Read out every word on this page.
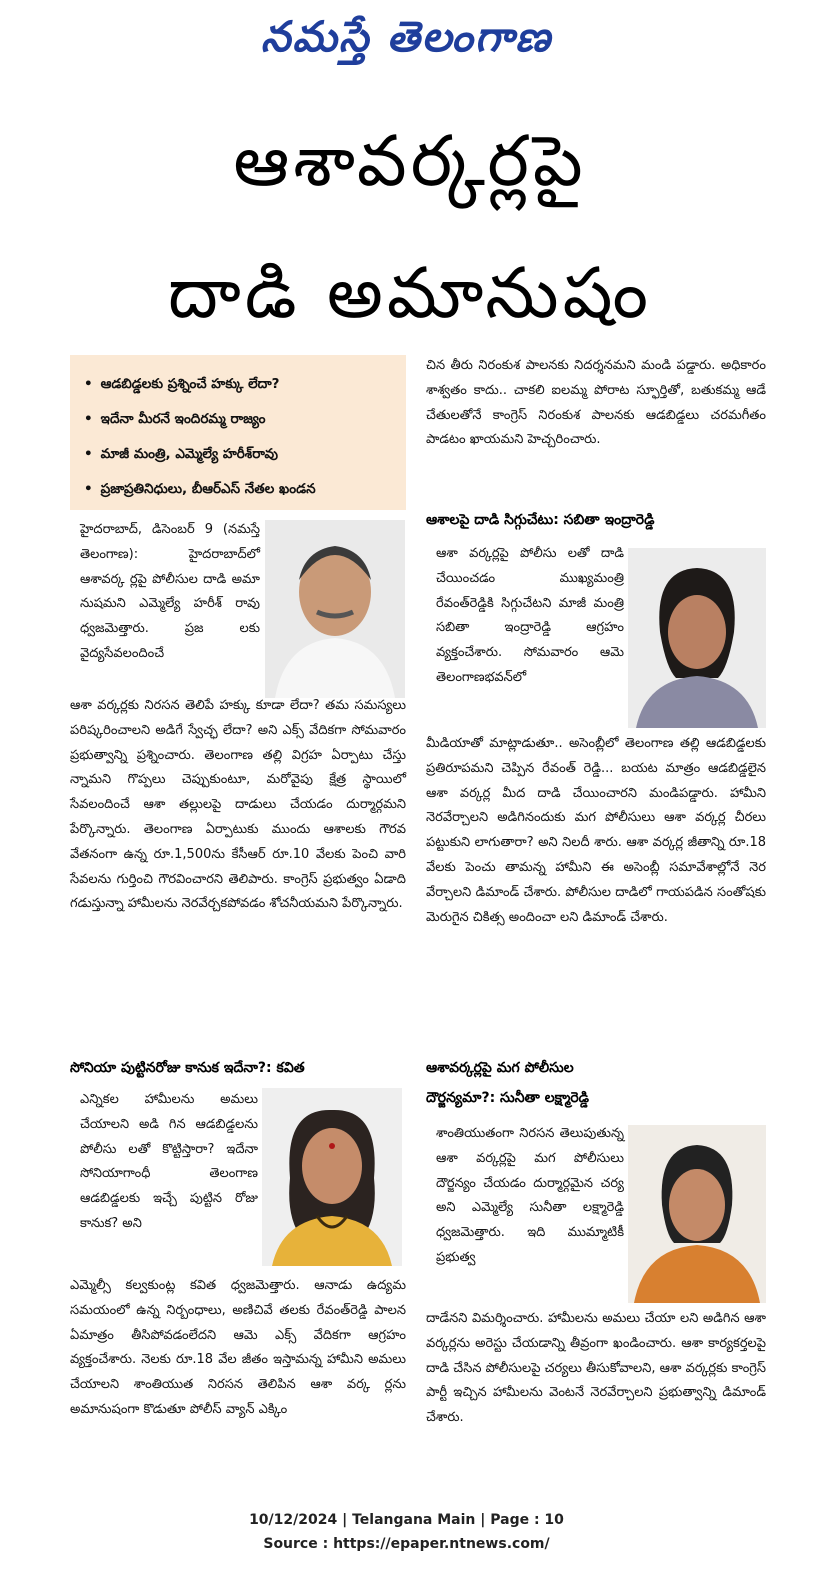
నమస్తే తెలంగాణ
ఆశావర్కర్లపై
దాడి అమానుషం
• ఆడబిడ్డలకు ప్రశ్నించే హక్కు లేదా?
• ఇదేనా మీరనే ఇందిరమ్మ రాజ్యం
• మాజీ మంత్రి, ఎమ్మెల్యే హరీశ్‌రావు
• ప్రజాప్రతినిధులు, బీఆర్‌ఎస్ నేతల ఖండన

హైదరాబాద్, డిసెంబర్ 9 (నమస్తే తెలంగాణ): హైదరాబాద్‌లో ఆశావర్క ర్లపై పోలీసుల దాడి అమా నుషమని ఎమ్మెల్యే హరీశ్ రావు ధ్వజమెత్తారు. ప్రజ లకు వైద్యసేవలందించే

ఆశా వర్కర్లకు నిరసన తెలిపే హక్కు కూడా లేదా? తమ సమస్యలు పరిష్కరించాలని అడిగే స్వేచ్ఛ లేదా? అని ఎక్స్ వేదికగా సోమవారం ప్రభుత్వాన్ని ప్రశ్నించారు. తెలంగాణ తల్లి విగ్రహ ఏర్పాటు చేస్తు న్నామని గొప్పలు చెప్పుకుంటూ, మరోవైపు క్షేత్ర స్థాయిలో సేవలందించే ఆశా తల్లులపై దాడులు చేయడం దుర్మార్గమని పేర్కొన్నారు. తెలంగాణ ఏర్పాటుకు ముందు ఆశాలకు గౌరవ వేతనంగా ఉన్న రూ.1,500ను కేసీఆర్ రూ.10 వేలకు పెంచి వారి సేవలను గుర్తించి గౌరవించారని తెలిపారు. కాంగ్రెస్ ప్రభుత్వం ఏడాది గడుస్తున్నా హామీలను నెరవేర్చకపోవడం శోచనీయమని పేర్కొన్నారు.

సోనియా పుట్టినరోజు కానుక ఇదేనా?: కవిత

ఎన్నికల హామీలను అమలు చేయాలని అడి గిన ఆడబిడ్డలను పోలీసు లతో కొట్టిస్తారా? ఇదేనా సోనియాగాంధీ తెలంగాణ ఆడబిడ్డలకు ఇచ్చే పుట్టిన రోజు కానుక? అని

ఎమ్మెల్సీ కల్వకుంట్ల కవిత ధ్వజమెత్తారు. ఆనాడు ఉద్యమ సమయంలో ఉన్న నిర్బంధాలు, అణిచివే తలకు రేవంత్‌రెడ్డి పాలన ఏమాత్రం తీసిపోవడంలేదని ఆమె ఎక్స్ వేదికగా ఆగ్రహం వ్యక్తంచేశారు. నెలకు రూ.18 వేల జీతం ఇస్తామన్న హామీని అమలు చేయాలని శాంతియుత నిరసన తెలిపిన ఆశా వర్క ర్లను అమానుషంగా కొడుతూ పోలీస్ వ్యాన్ ఎక్కిం

చిన తీరు నిరంకుశ పాలనకు నిదర్శనమని మండి పడ్డారు. అధికారం శాశ్వతం కాదు.. చాకలి ఐలమ్మ పోరాట స్ఫూర్తితో, బతుకమ్మ ఆడే చేతులతోనే కాంగ్రెస్ నిరంకుశ పాలనకు ఆడబిడ్డలు చరమగీతం పాడటం ఖాయమని హెచ్చరించారు.

ఆశాలపై దాడి సిగ్గుచేటు: సబితా ఇంద్రారెడ్డి

ఆశా వర్కర్లపై పోలీసు లతో దాడి చేయించడం ముఖ్యమంత్రి రేవంత్‌రెడ్డికి సిగ్గుచేటని మాజీ మంత్రి సబితా ఇంద్రారెడ్డి ఆగ్రహం వ్యక్తంచేశారు. సోమవారం ఆమె తెలంగాణభవన్‌లో

మీడియాతో మాట్లాడుతూ.. అసెంబ్లీలో తెలంగాణ తల్లి ఆడబిడ్డలకు ప్రతిరూపమని చెప్పిన రేవంత్ రెడ్డి... బయట మాత్రం ఆడబిడ్డలైన ఆశా వర్కర్ల మీద దాడి చేయించారని మండిపడ్డారు. హామీని నెరవేర్చాలని అడిగినందుకు మగ పోలీసులు ఆశా వర్కర్ల చీరలు పట్టుకుని లాగుతారా? అని నిలదీ శారు. ఆశా వర్కర్ల జీతాన్ని రూ.18 వేలకు పెంచు తామన్న హామీని ఈ అసెంబ్లీ సమావేశాల్లోనే నెర వేర్చాలని డిమాండ్ చేశారు. పోలీసుల దాడిలో గాయపడిన సంతోషకు మెరుగైన చికిత్స అందించా లని డిమాండ్ చేశారు.

ఆశావర్కర్లపై మగ పోలీసుల
దౌర్జన్యమా?: సునీతా లక్ష్మారెడ్డి

శాంతియుతంగా నిరసన తెలుపుతున్న ఆశా వర్కర్లపై మగ పోలీసులు దౌర్జన్యం చేయడం దుర్మార్గమైన చర్య అని ఎమ్మెల్యే సునీతా లక్ష్మారెడ్డి ధ్వజమెత్తారు. ఇది ముమ్మాటికీ ప్రభుత్వ

దాడేనని విమర్శించారు. హామీలను అమలు చేయా లని అడిగిన ఆశా వర్కర్లను అరెస్టు చేయడాన్ని తీవ్రంగా ఖండించారు. ఆశా కార్యకర్తలపై దాడి చేసిన పోలీసులపై చర్యలు తీసుకోవాలని, ఆశా వర్కర్లకు కాంగ్రెస్ పార్టీ ఇచ్చిన హామీలను వెంటనే నెరవేర్చాలని ప్రభుత్వాన్ని డిమాండ్ చేశారు.

10/12/2024 | Telangana Main | Page : 10
Source : https://epaper.ntnews.com/
